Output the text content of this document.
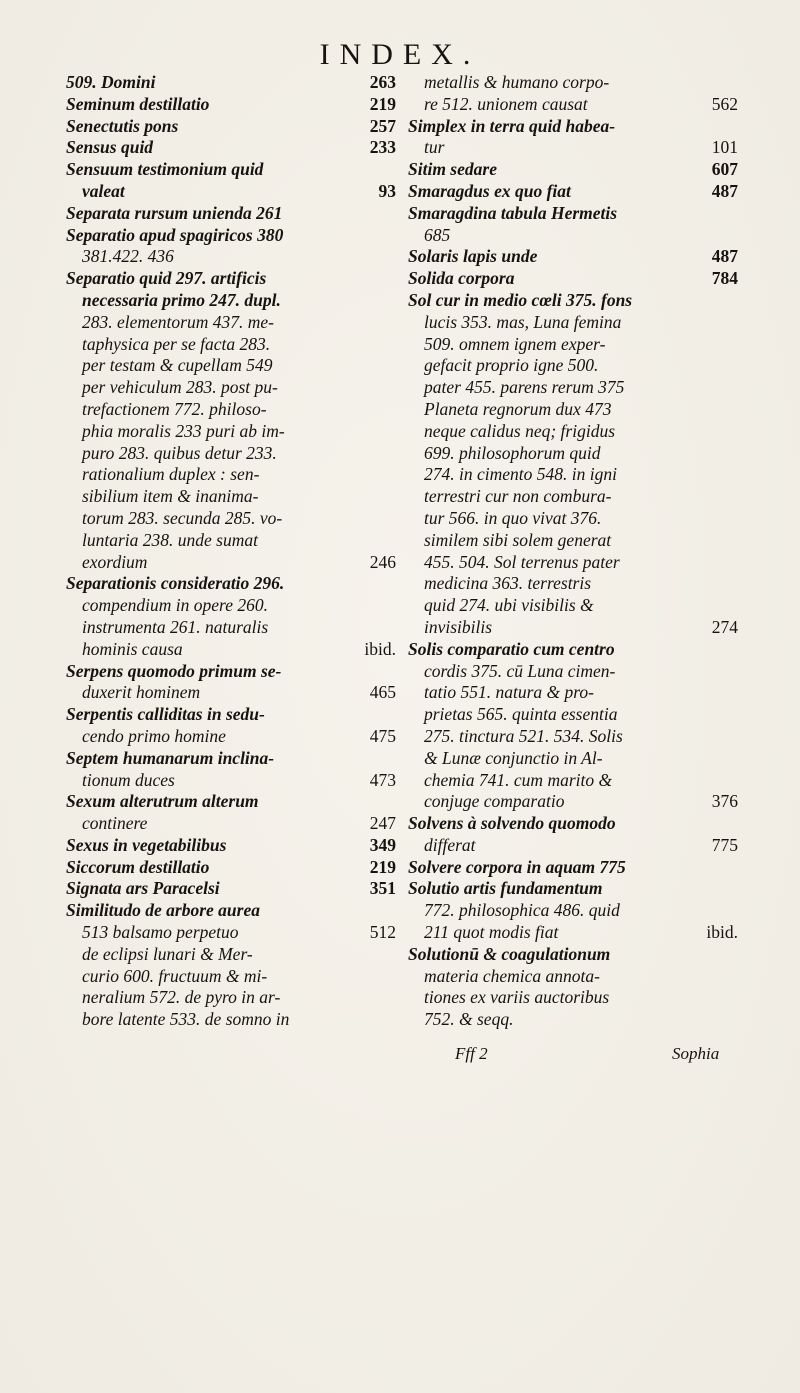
INDEX.
509. Domini	263
Seminum destillatio	219
Senectutis pons	257
Sensus quid	233
Sensuum testimonium quid
valeat	93
Separata rursum unienda 261
Separatio apud spagiricos 380
381.422. 436
Separatio quid 297. artificis
necessaria primo 247. dupl.
283. elementorum 437. me-
taphysica per se facta 283.
per testam & cupellam 549
per vehiculum 283. post pu-
trefactionem 772. philoso-
phia moralis 233 puri ab im-
puro 283. quibus detur 233.
rationalium duplex : sen-
sibilium item & inanima-
torum 283. secunda 285. vo-
luntaria 238. unde sumat
exordium	246
Separationis consideratio 296.
compendium in opere 260.
instrumenta 261. naturalis
hominis causa	ibid.
Serpens quomodo primum se-
duxerit hominem	465
Serpentis calliditas in sedu-
cendo primo homine	475
Septem humanarum inclina-
tionum duces	473
Sexum alterutrum alterum
continere	247
Sexus in vegetabilibus	349
Siccorum destillatio	219
Signata ars Paracelsi	351
Similitudo de arbore aurea
513 balsamo perpetuo	512
de eclipsi lunari & Mer-
curio 600. fructuum & mi-
neralium 572. de pyro in ar-
bore latente 533. de somno in
metallis & humano corpo-
re 512. unionem causat	562
Simplex in terra quid habea-
tur	101
Sitim sedare	607
Smaragdus ex quo fiat	487
Smaragdina tabula Hermetis
685
Solaris lapis unde	487
Solida corpora	784
Sol cur in medio cœli 375. fons
lucis 353. mas, Luna femina
509. omnem ignem exper-
gefacit proprio igne 500.
pater 455. parens rerum 375
Planeta regnorum dux 473
neque calidus neq; frigidus
699. philosophorum quid
274. in cimento 548. in igni
terrestri cur non combura-
tur 566. in quo vivat 376.
similem sibi solem generat
455. 504. Sol terrenus pater
medicina 363. terrestris
quid 274. ubi visibilis &
invisibilis	274
Solis comparatio cum centro
cordis 375. cū Luna cimen-
tatio 551. natura & pro-
prietas 565. quinta essentia
275. tinctura 521. 534. Solis
& Lunæ conjunctio in Al-
chemia 741. cum marito &
conjuge comparatio	376
Solvens à solvendo quomodo
differat	775
Solvere corpora in aquam 775
Solutio artis fundamentum
772. philosophica 486. quid
211 quot modis fiat	ibid.
Solutionū & coagulationum
materia chemica annota-
tiones ex variis auctoribus
752. & seqq.
Fff 2	Sophia
